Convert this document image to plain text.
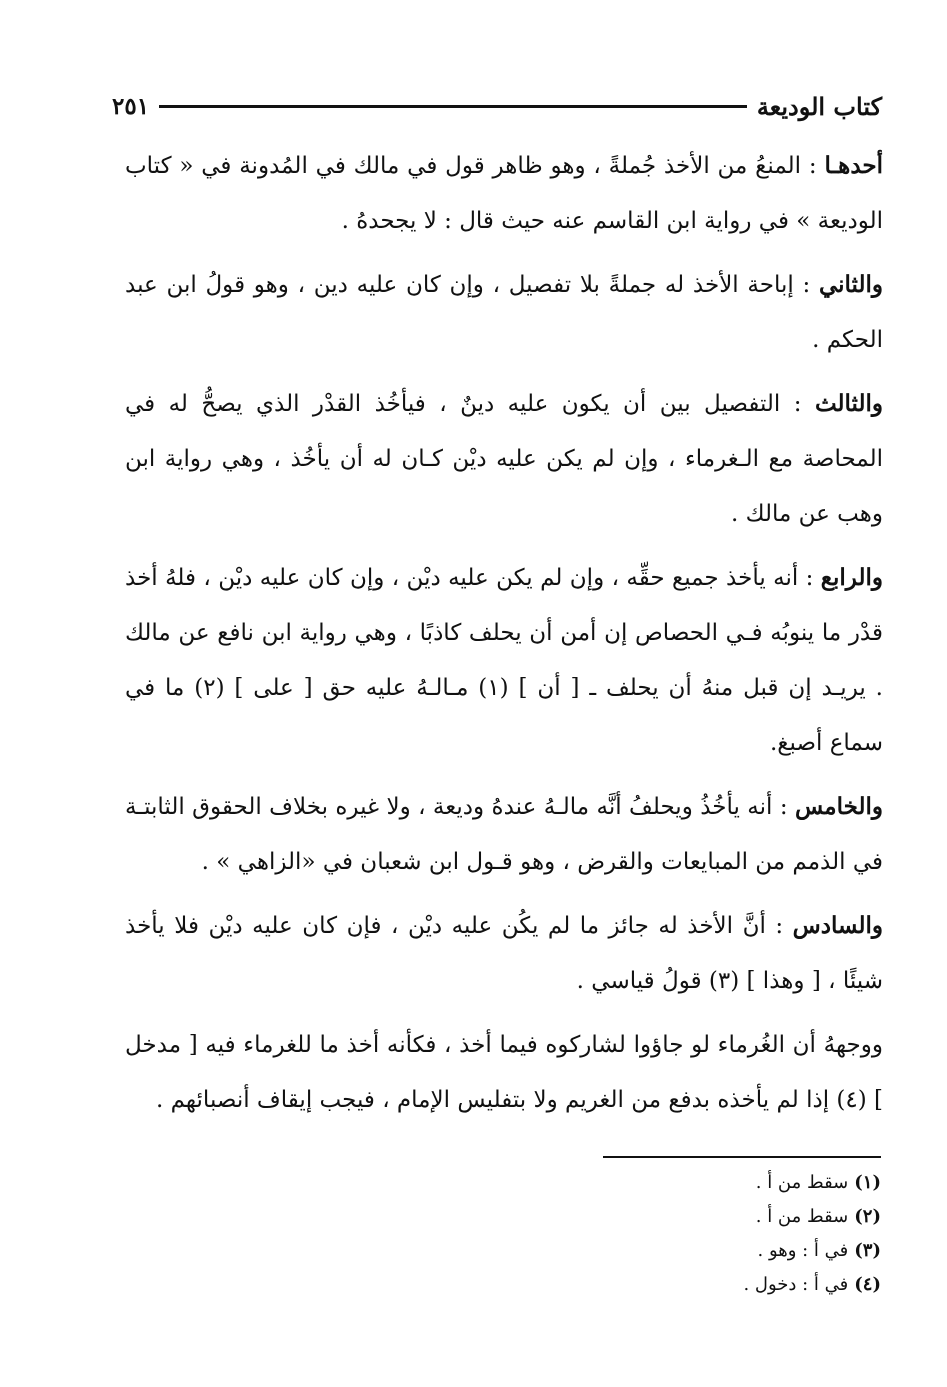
كتاب الوديعة
٢٥١

أحدهـا : المنعُ من الأخذ جُملةً ، وهو ظاهر قول في مالك في المُدونة في « كتاب الوديعة » في رواية ابن القاسم عنه حيث قال : لا يجحدهُ .

والثاني : إباحة الأخذ له جملةً بلا تفصيل ، وإن كان عليه دين ، وهو قولُ ابن عبد الحكم .

والثالث : التفصيل بين أن يكون عليه دينٌ ، فيأخُذ القدْر الذي يصحُّ له في المحاصة مع الـغرماء ، وإن لم يكن عليه ديْن كـان له أن يأخُذ ، وهي رواية ابن وهب عن مالك .

والرابع : أنه يأخذ جميع حقِّه ، وإن لم يكن عليه ديْن ، وإن كان عليه ديْن ، فلهُ أخذ قدْر ما ينوبُه فـي الحصاص إن أمن أن يحلف كاذبًا ، وهي رواية ابن نافع عن مالك . يريـد إن قبل منهُ أن يحلف ـ [ أن ] (١) مـالـهُ عليه حق [ على ] (٢) ما في سماع أصبغ.

والخامس : أنه يأخُذُ ويحلفُ أنَّه مالـهُ عندهُ وديعة ، ولا غيره بخلاف الحقوق الثابتـة في الذمم من المبايعات والقرض ، وهو قـول ابن شعبان في «الزاهي » .

والسادس : أنَّ الأخذ له جائز ما لم يكُن عليه ديْن ، فإن كان عليه ديْن فلا يأخذ شيئًا ، [ وهذا ] (٣) قولُ قياسي .

ووجههُ أن الغُرماء لو جاؤوا لشاركوه فيما أخذ ، فكأنه أخذ ما للغرماء فيه [ مدخل ] (٤) إذا لم يأخذه بدفع من الغريم ولا بتفليس الإمام ، فيجب إيقاف أنصبائهم .

(١)سقط من أ .

(٢)سقط من أ .

(٣)في أ : وهو .

(٤)في أ : دخول .
